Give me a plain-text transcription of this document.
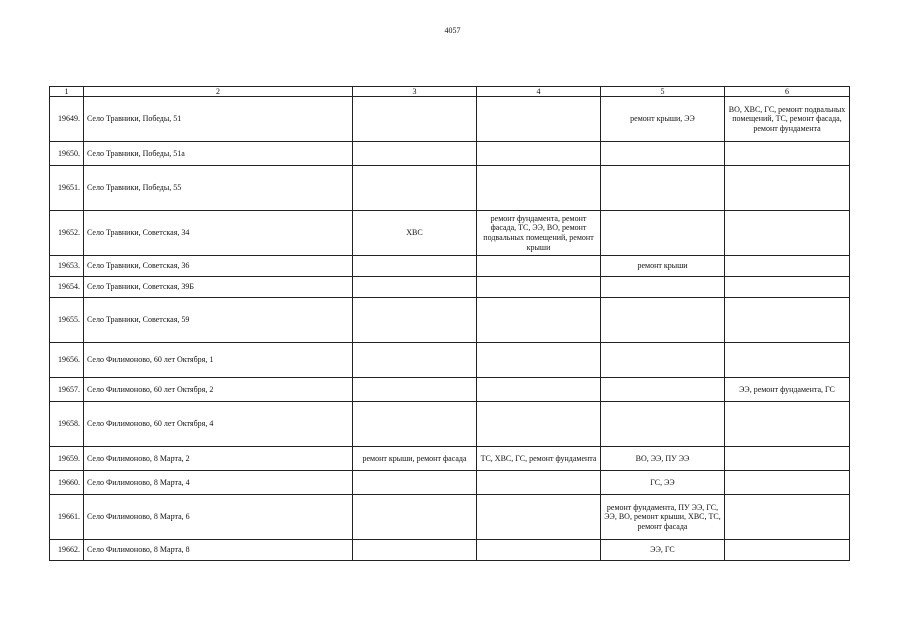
4057
1	2	3	4	5	6
19649.	Село Травники, Победы, 51			ремонт крыши, ЭЭ	ВО, ХВС, ГС, ремонт подвальных помещений, ТС, ремонт фасада, ремонт фундамента
19650.	Село Травники, Победы, 51а				
19651.	Село Травники, Победы, 55				
19652.	Село Травники, Советская, 34	ХВС	ремонт фундамента, ремонт фасада, ТС, ЭЭ, ВО, ремонт подвальных помещений, ремонт крыши		
19653.	Село Травники, Советская, 36			ремонт крыши	
19654.	Село Травники, Советская, 39Б				
19655.	Село Травники, Советская, 59				
19656.	Село Филимоново, 60 лет Октября, 1				
19657.	Село Филимоново, 60 лет Октября, 2				ЭЭ, ремонт фундамента, ГС
19658.	Село Филимоново, 60 лет Октября, 4				
19659.	Село Филимоново, 8 Марта, 2	ремонт крыши, ремонт фасада	ТС, ХВС, ГС, ремонт фундамента	ВО, ЭЭ, ПУ ЭЭ	
19660.	Село Филимоново, 8 Марта, 4			ГС, ЭЭ	
19661.	Село Филимоново, 8 Марта, 6			ремонт фундамента, ПУ ЭЭ, ГС, ЭЭ, ВО, ремонт крыши, ХВС, ТС, ремонт фасада	
19662.	Село Филимоново, 8 Марта, 8			ЭЭ, ГС	
